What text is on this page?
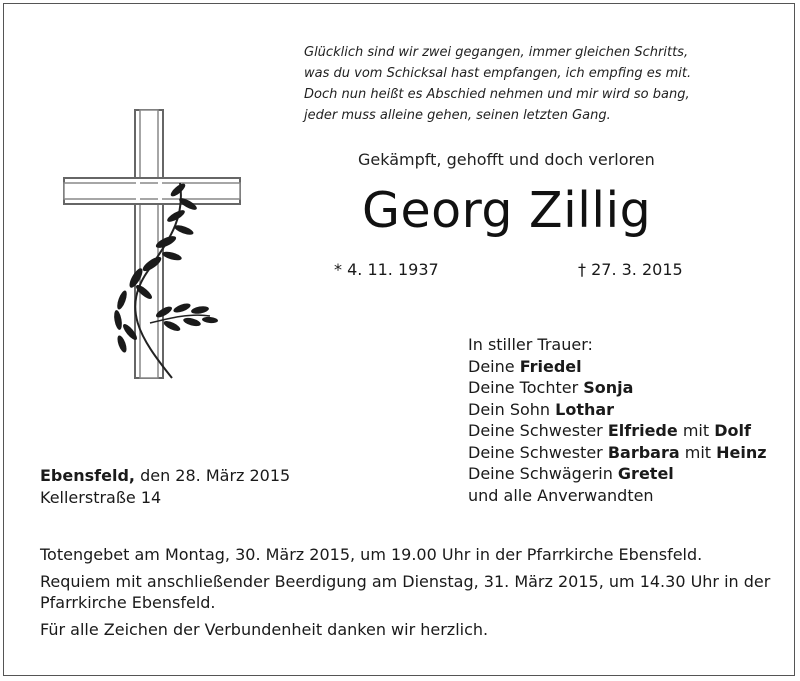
Glücklich sind wir zwei gegangen, immer gleichen Schritts,
was du vom Schicksal hast empfangen, ich empfing es mit.
Doch nun heißt es Abschied nehmen und mir wird so bang,
jeder muss alleine gehen, seinen letzten Gang.
Gekämpft, gehofft und doch verloren
Georg Zillig
* 4. 11. 1937	† 27. 3. 2015
In stiller Trauer:
Deine Friedel
Deine Tochter Sonja
Dein Sohn Lothar
Deine Schwester Elfriede mit Dolf
Deine Schwester Barbara mit Heinz
Deine Schwägerin Gretel
und alle Anverwandten
Ebensfeld, den 28. März 2015
Kellerstraße 14
Totengebet am Montag, 30. März 2015, um 19.00 Uhr in der Pfarrkirche Ebensfeld.
Requiem mit anschließender Beerdigung am Dienstag, 31. März 2015, um 14.30 Uhr in der Pfarrkirche Ebensfeld.
Für alle Zeichen der Verbundenheit danken wir herzlich.
